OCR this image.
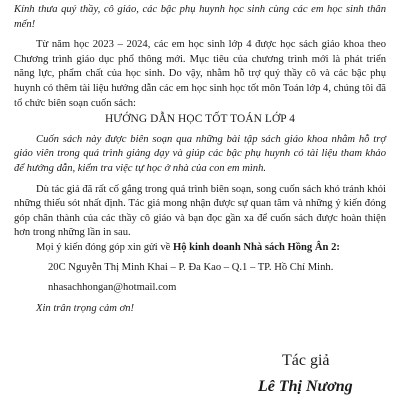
Kính thưa quý thầy, cô giáo, các bậc phụ huynh học sinh cùng các em học sinh thân mến!

Từ năm học 2023 – 2024, các em học sinh lớp 4 được học sách giáo khoa theo Chương trình giáo dục phổ thông mới. Mục tiêu của chương trình mới là phát triển năng lực, phẩm chất của học sinh. Do vậy, nhằm hỗ trợ quý thầy cô và các bậc phụ huynh có thêm tài liệu hướng dẫn các em học sinh học tốt môn Toán lớp 4, chúng tôi đã tổ chức biên soạn cuốn sách:

HƯỚNG DẪN HỌC TỐT TOÁN LỚP 4

Cuốn sách này được biên soạn qua những bài tập sách giáo khoa nhằm hỗ trợ giáo viên trong quá trình giảng dạy và giúp các bậc phụ huynh có tài liệu tham khảo để hướng dẫn, kiểm tra việc tự học ở nhà của con em mình.

Dù tác giả đã rất cố gắng trong quá trình biên soạn, song cuốn sách khó tránh khỏi những thiếu sót nhất định. Tác giả mong nhận được sự quan tâm và những ý kiến đóng góp chân thành của các thầy cô giáo và bạn đọc gần xa để cuốn sách được hoàn thiện hơn trong những lần in sau.

Mọi ý kiến đóng góp xin gửi về Hộ kinh doanh Nhà sách Hồng Ân 2:

20C Nguyễn Thị Minh Khai – P. Đa Kao – Q.1 – TP. Hồ Chí Minh.

nhasachhongan@hotmail.com

Xin trân trọng cảm ơn!

Tác giả
Lê Thị Nương
